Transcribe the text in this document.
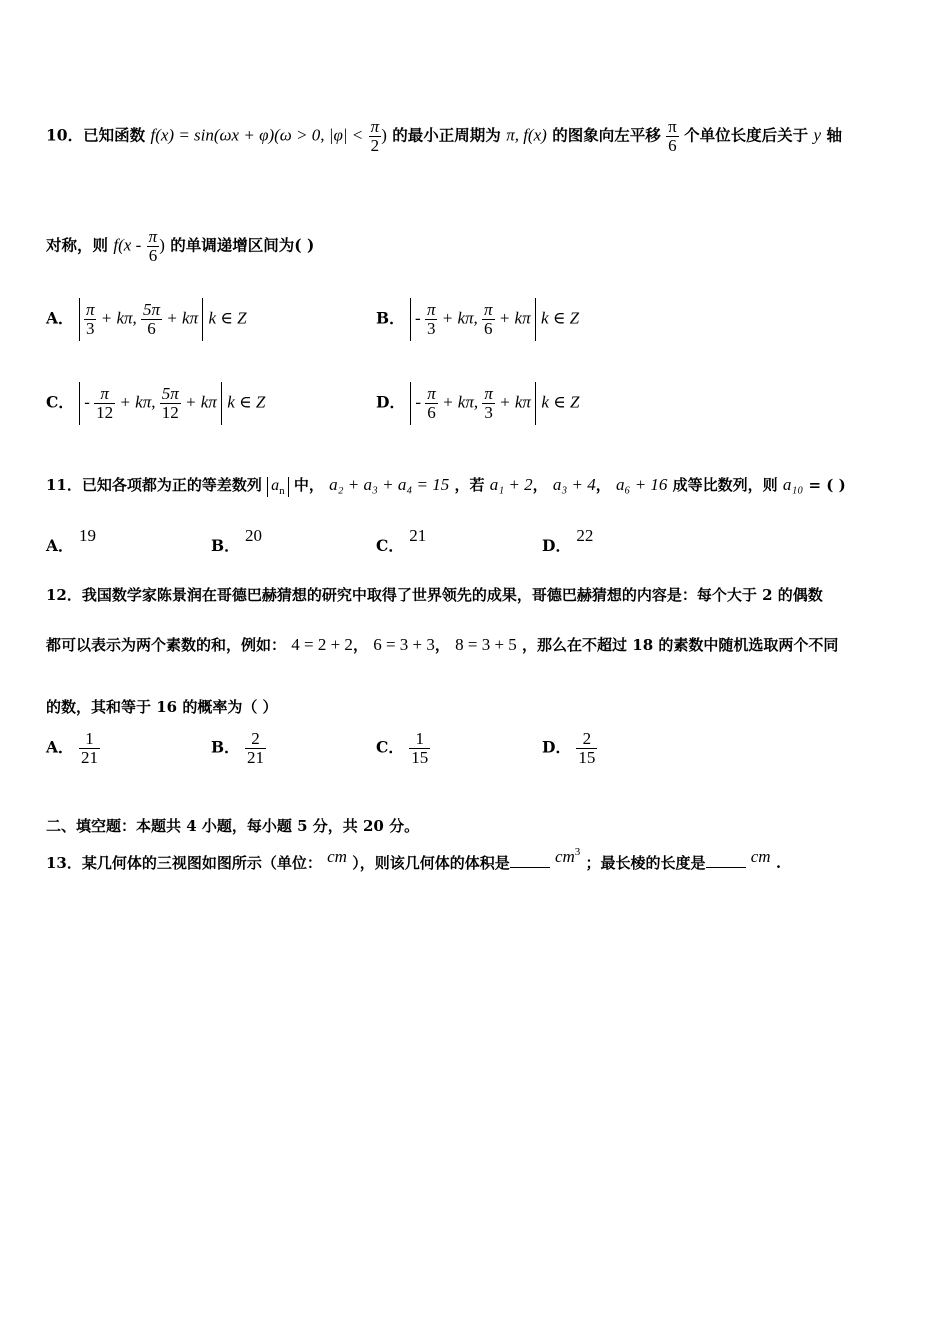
10．已知函数 f(x) = sin(ωx + φ)(ω > 0, $|\varphi| < \frac{\pi}{2}$ ) 的最小正周期为 π, f(x) 的图象向左平移 $\frac{\pi}{6}$ 个单位长度后关于 y 轴
对称，则 $f(x - \frac{\pi}{6}$ ) 的单调递增区间为( )
A． $\frac{\pi}{3} + k\pi$, $\frac{5\pi}{6} + k\pi$ k ∈ Z	B． - $\frac{\pi}{3} + k\pi$, $\frac{\pi}{6} + k\pi$ k ∈ Z
C． - $\frac{\pi}{12} + k\pi$, $\frac{5\pi}{12} + k\pi$ k ∈ Z	D． - $\frac{\pi}{6} + k\pi$, $\frac{\pi}{3} + k\pi$ k ∈ Z
11．已知各项都为正的等差数列 $a_n$ 中， a₂ + a₃ + a₄ = 15 ，若 a₁ + 2， a₃ + 4， a₆ + 16 成等比数列，则 a₁₀ = ( )
A． 19
B． 20
C． 21
D． 22
12．我国数学家陈景润在哥德巴赫猜想的研究中取得了世界领先的成果，哥德巴赫猜想的内容是：每个大于 2 的偶数
都可以表示为两个素数的和，例如： 4 = 2 + 2， 6 = 3 + 3， 8 = 3 + 5 ，那么在不超过 18 的素数中随机选取两个不同
的数，其和等于 16 的概率为（ ）
A． $\frac{1}{21}$	B． $\frac{2}{21}$	C． $\frac{1}{15}$	D． $\frac{2}{15}$
二、填空题：本题共 4 小题，每小题 5 分，共 20 分。
13．某几何体的三视图如图所示（单位： cm ），则该几何体的体积是	$cm^3$ ；最长棱的长度是	cm .
